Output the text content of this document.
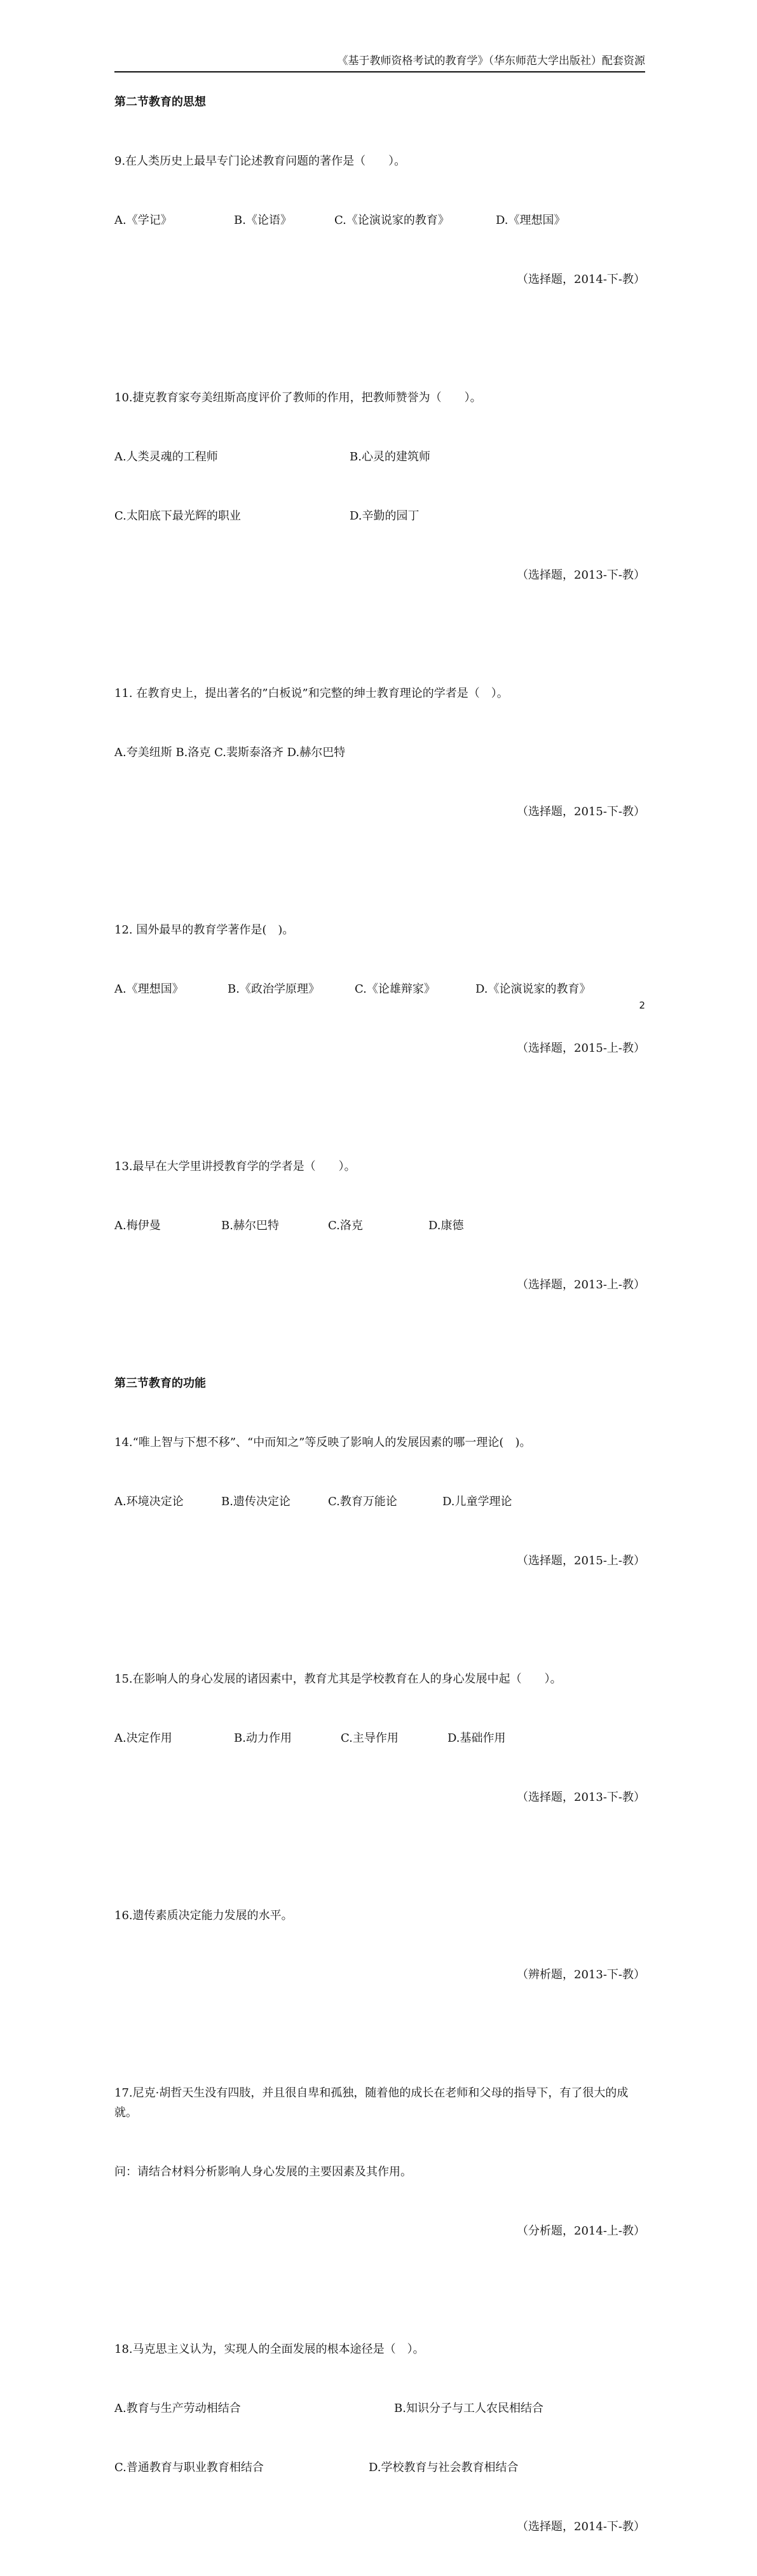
《基于教师资格考试的教育学》（华东师范大学出版社）配套资源
第二节教育的思想

9.在人类历史上最早专门论述教育问题的著作是（　　）。

A.《学记》	B.《论语》	C.《论演说家的教育》	D.《理想国》

（选择题，2014-下-教）

10.捷克教育家夸美纽斯高度评价了教师的作用，把教师赞誉为（　　）。

A.人类灵魂的工程师	B.心灵的建筑师

C.太阳底下最光辉的职业	D.辛勤的园丁

（选择题，2013-下-教）

11. 在教育史上，提出著名的”白板说”和完整的绅士教育理论的学者是（　）。

A.夸美纽斯 B.洛克 C.裴斯泰洛齐 D.赫尔巴特

（选择题，2015-下-教）

12. 国外最早的教育学著作是(　)。

A.《理想国》	B.《政治学原理》	C.《论雄辩家》	D.《论演说家的教育》

（选择题，2015-上-教）

13.最早在大学里讲授教育学的学者是（　　）。

A.梅伊曼	B.赫尔巴特	C.洛克	D.康德

（选择题，2013-上-教）

第三节教育的功能

14.“唯上智与下想不移”、“中而知之”等反映了影响人的发展因素的哪一理论(　)。

A.环境决定论	B.遗传决定论	C.教育万能论	D.儿童学理论

（选择题，2015-上-教）

15.在影响人的身心发展的诸因素中，教育尤其是学校教育在人的身心发展中起（　　）。

A.决定作用	B.动力作用	C.主导作用	D.基础作用

（选择题，2013-下-教）

16.遗传素质决定能力发展的水平。

（辨析题，2013-下-教）

17.尼克·胡哲天生没有四肢，并且很自卑和孤独，随着他的成长在老师和父母的指导下，有了很大的成就。

问：请结合材料分析影响人身心发展的主要因素及其作用。

（分析题，2014-上-教）

18.马克思主义认为，实现人的全面发展的根本途径是（　）。

A.教育与生产劳动相结合	B.知识分子与工人农民相结合

C.普通教育与职业教育相结合	D.学校教育与社会教育相结合

（选择题，2014-下-教）

2
